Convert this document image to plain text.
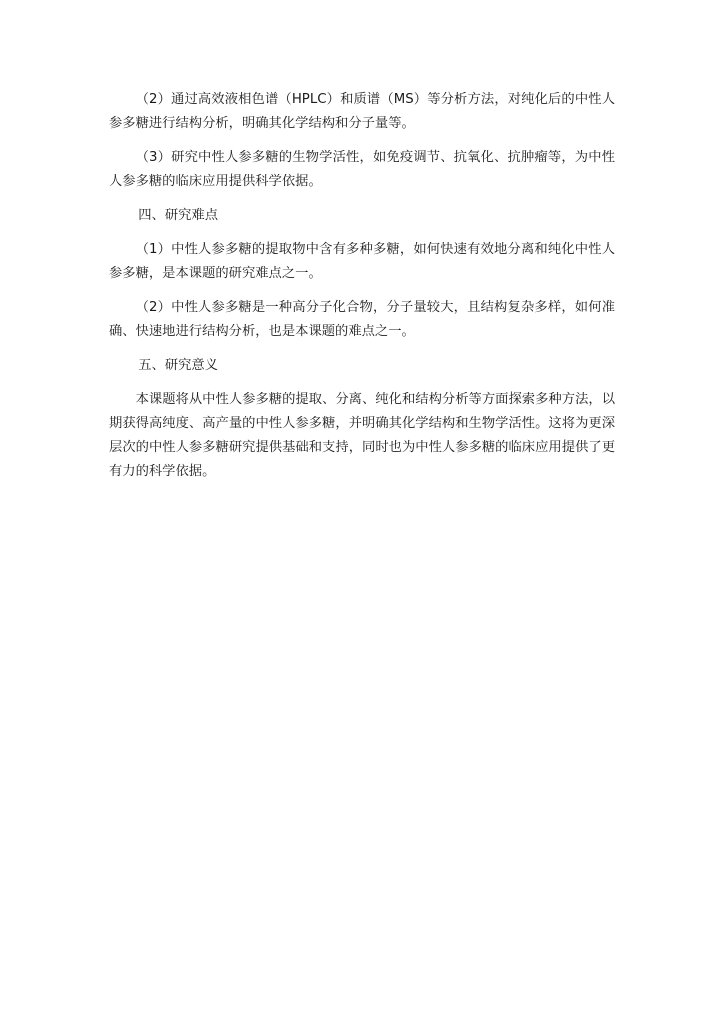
（2）通过高效液相色谱（HPLC）和质谱（MS）等分析方法，对纯化后的中性人参多糖进行结构分析，明确其化学结构和分子量等。

（3）研究中性人参多糖的生物学活性，如免疫调节、抗氧化、抗肿瘤等，为中性人参多糖的临床应用提供科学依据。

四、研究难点

（1）中性人参多糖的提取物中含有多种多糖，如何快速有效地分离和纯化中性人参多糖，是本课题的研究难点之一。

（2）中性人参多糖是一种高分子化合物，分子量较大，且结构复杂多样，如何准确、快速地进行结构分析，也是本课题的难点之一。

五、研究意义

本课题将从中性人参多糖的提取、分离、纯化和结构分析等方面探索多种方法，以期获得高纯度、高产量的中性人参多糖，并明确其化学结构和生物学活性。这将为更深层次的中性人参多糖研究提供基础和支持，同时也为中性人参多糖的临床应用提供了更有力的科学依据。
